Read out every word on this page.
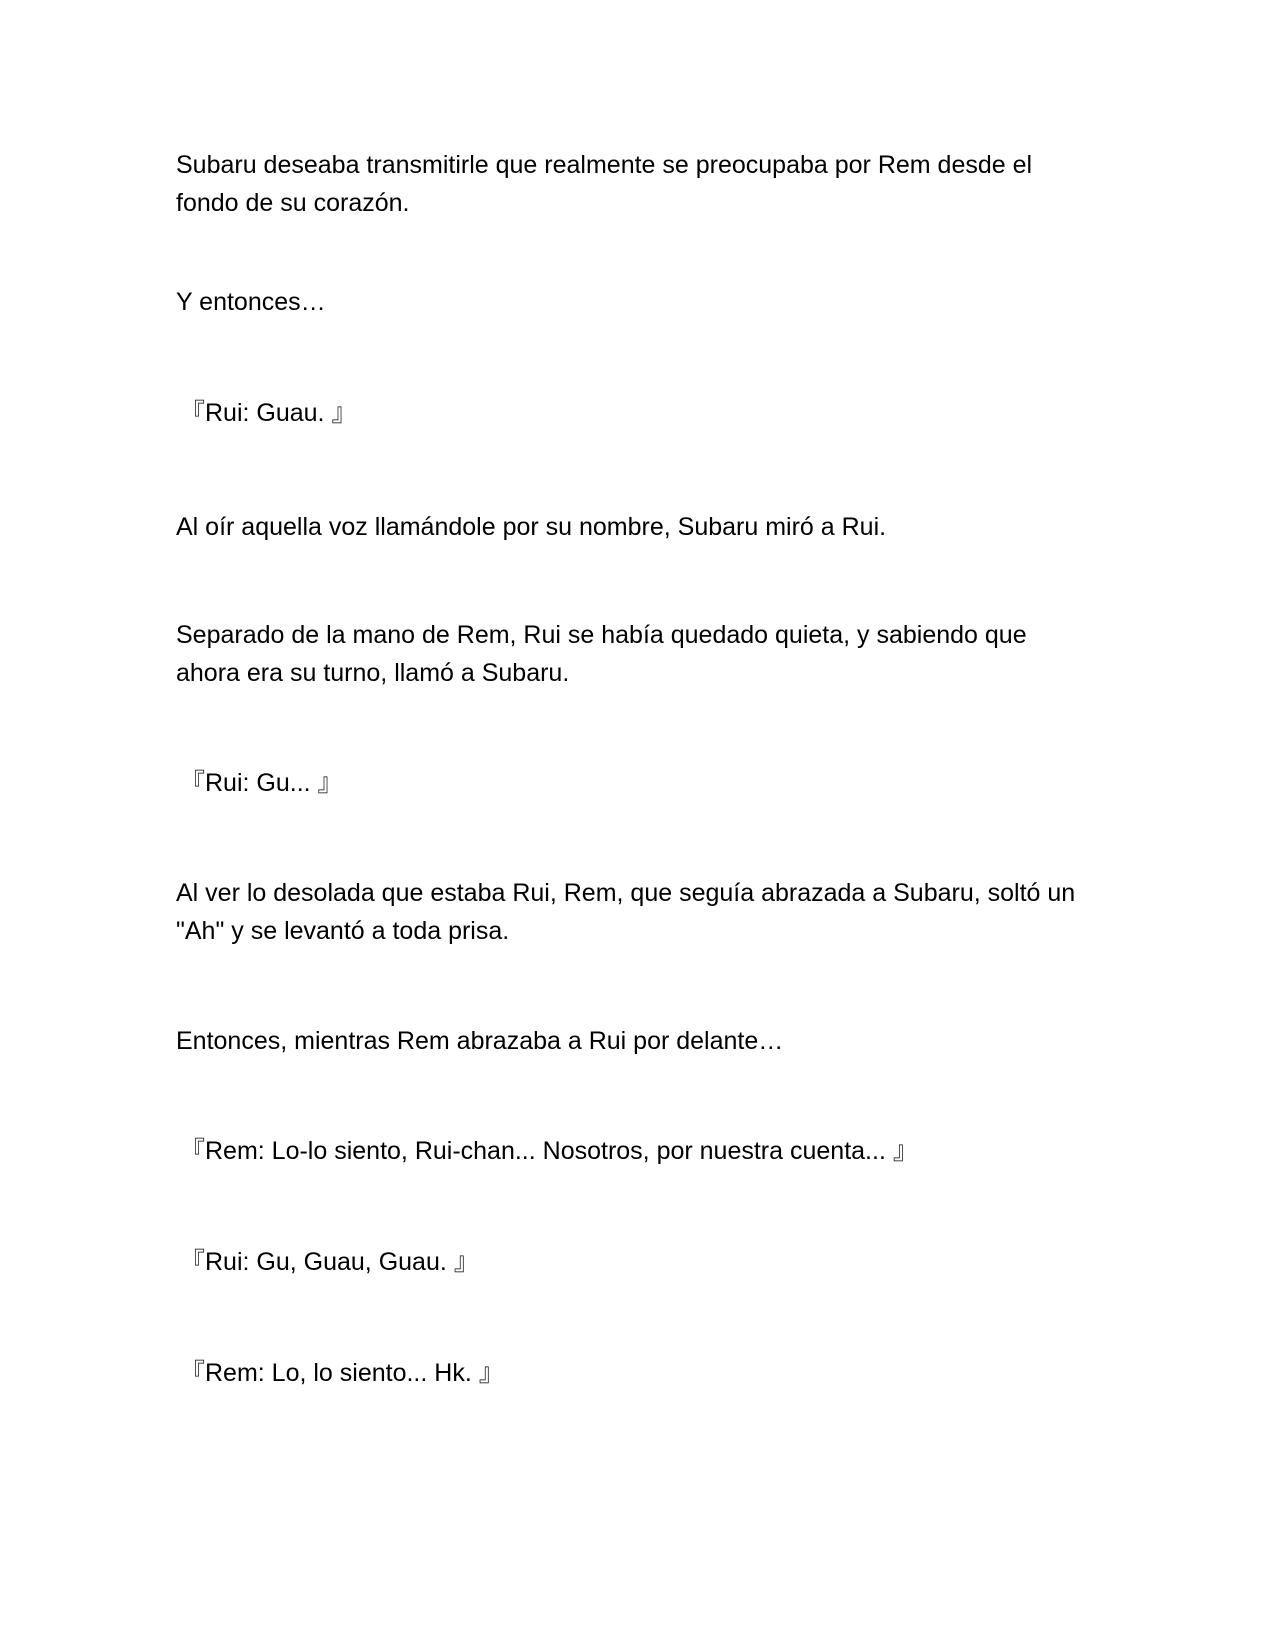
Subaru deseaba transmitirle que realmente se preocupaba por Rem desde el fondo de su corazón.

Y entonces…

『Rui: Guau. 』

Al oír aquella voz llamándole por su nombre, Subaru miró a Rui.

Separado de la mano de Rem, Rui se había quedado quieta, y sabiendo que ahora era su turno, llamó a Subaru.

『Rui: Gu... 』

Al ver lo desolada que estaba Rui, Rem, que seguía abrazada a Subaru, soltó un "Ah" y se levantó a toda prisa.

Entonces, mientras Rem abrazaba a Rui por delante…

『Rem: Lo-lo siento, Rui-chan... Nosotros, por nuestra cuenta... 』

『Rui: Gu, Guau, Guau. 』

『Rem: Lo, lo siento... Hk. 』
